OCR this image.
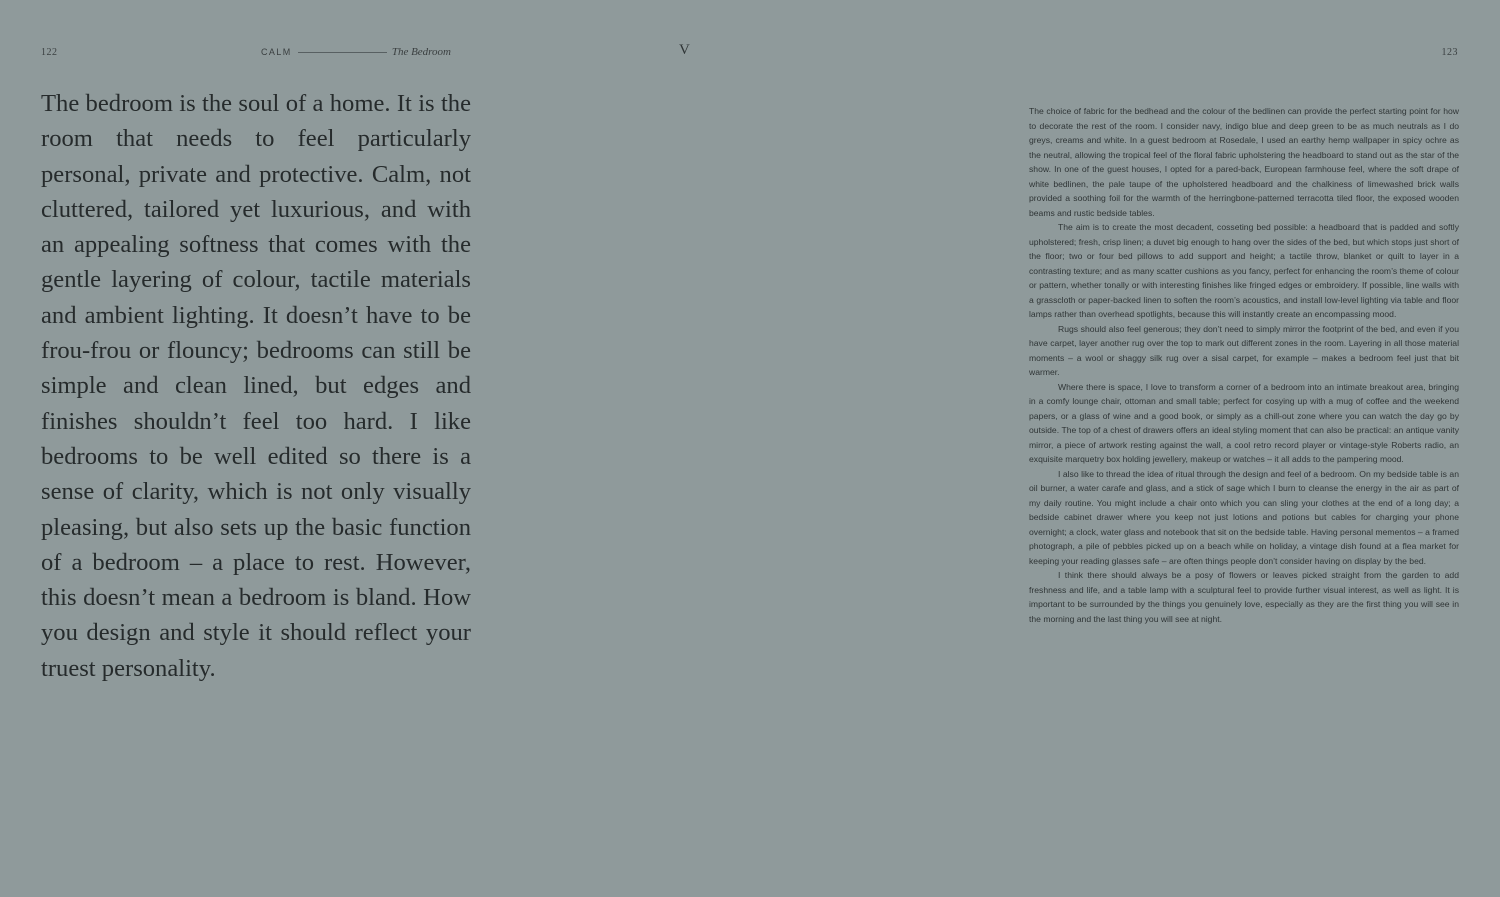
122	CALM	The Bedroom	V

The bedroom is the soul of a home. It is the room that needs to feel particularly personal, private and protective. Calm, not cluttered, tailored yet luxurious, and with an appealing softness that comes with the gentle layering of colour, tactile materials and ambient lighting. It doesn’t have to be frou-frou or flouncy; bedrooms can still be simple and clean lined, but edges and finishes shouldn’t feel too hard. I like bedrooms to be well edited so there is a sense of clarity, which is not only visually pleasing, but also sets up the basic function of a bedroom – a place to rest. However, this doesn’t mean a bedroom is bland. How you design and style it should reflect your truest personality.

123

The choice of fabric for the bedhead and the colour of the bedlinen can provide the perfect starting point for how to decorate the rest of the room. I consider navy, indigo blue and deep green to be as much neutrals as I do greys, creams and white. In a guest bedroom at Rosedale, I used an earthy hemp wallpaper in spicy ochre as the neutral, allowing the tropical feel of the floral fabric upholstering the headboard to stand out as the star of the show. In one of the guest houses, I opted for a pared-back, European farmhouse feel, where the soft drape of white bedlinen, the pale taupe of the upholstered headboard and the chalkiness of limewashed brick walls provided a soothing foil for the warmth of the herringbone-patterned terracotta tiled floor, the exposed wooden beams and rustic bedside tables.

The aim is to create the most decadent, cosseting bed possible: a headboard that is padded and softly upholstered; fresh, crisp linen; a duvet big enough to hang over the sides of the bed, but which stops just short of the floor; two or four bed pillows to add support and height; a tactile throw, blanket or quilt to layer in a contrasting texture; and as many scatter cushions as you fancy, perfect for enhancing the room’s theme of colour or pattern, whether tonally or with interesting finishes like fringed edges or embroidery. If possible, line walls with a grasscloth or paper-backed linen to soften the room’s acoustics, and install low-level lighting via table and floor lamps rather than overhead spotlights, because this will instantly create an encompassing mood.

Rugs should also feel generous; they don’t need to simply mirror the footprint of the bed, and even if you have carpet, layer another rug over the top to mark out different zones in the room. Layering in all those material moments – a wool or shaggy silk rug over a sisal carpet, for example – makes a bedroom feel just that bit warmer.

Where there is space, I love to transform a corner of a bedroom into an intimate breakout area, bringing in a comfy lounge chair, ottoman and small table; perfect for cosying up with a mug of coffee and the weekend papers, or a glass of wine and a good book, or simply as a chill-out zone where you can watch the day go by outside. The top of a chest of drawers offers an ideal styling moment that can also be practical: an antique vanity mirror, a piece of artwork resting against the wall, a cool retro record player or vintage-style Roberts radio, an exquisite marquetry box holding jewellery, makeup or watches – it all adds to the pampering mood.

I also like to thread the idea of ritual through the design and feel of a bedroom. On my bedside table is an oil burner, a water carafe and glass, and a stick of sage which I burn to cleanse the energy in the air as part of my daily routine. You might include a chair onto which you can sling your clothes at the end of a long day; a bedside cabinet drawer where you keep not just lotions and potions but cables for charging your phone overnight; a clock, water glass and notebook that sit on the bedside table. Having personal mementos – a framed photograph, a pile of pebbles picked up on a beach while on holiday, a vintage dish found at a flea market for keeping your reading glasses safe – are often things people don’t consider having on display by the bed.

I think there should always be a posy of flowers or leaves picked straight from the garden to add freshness and life, and a table lamp with a sculptural feel to provide further visual interest, as well as light. It is important to be surrounded by the things you genuinely love, especially as they are the first thing you will see in the morning and the last thing you will see at night.
